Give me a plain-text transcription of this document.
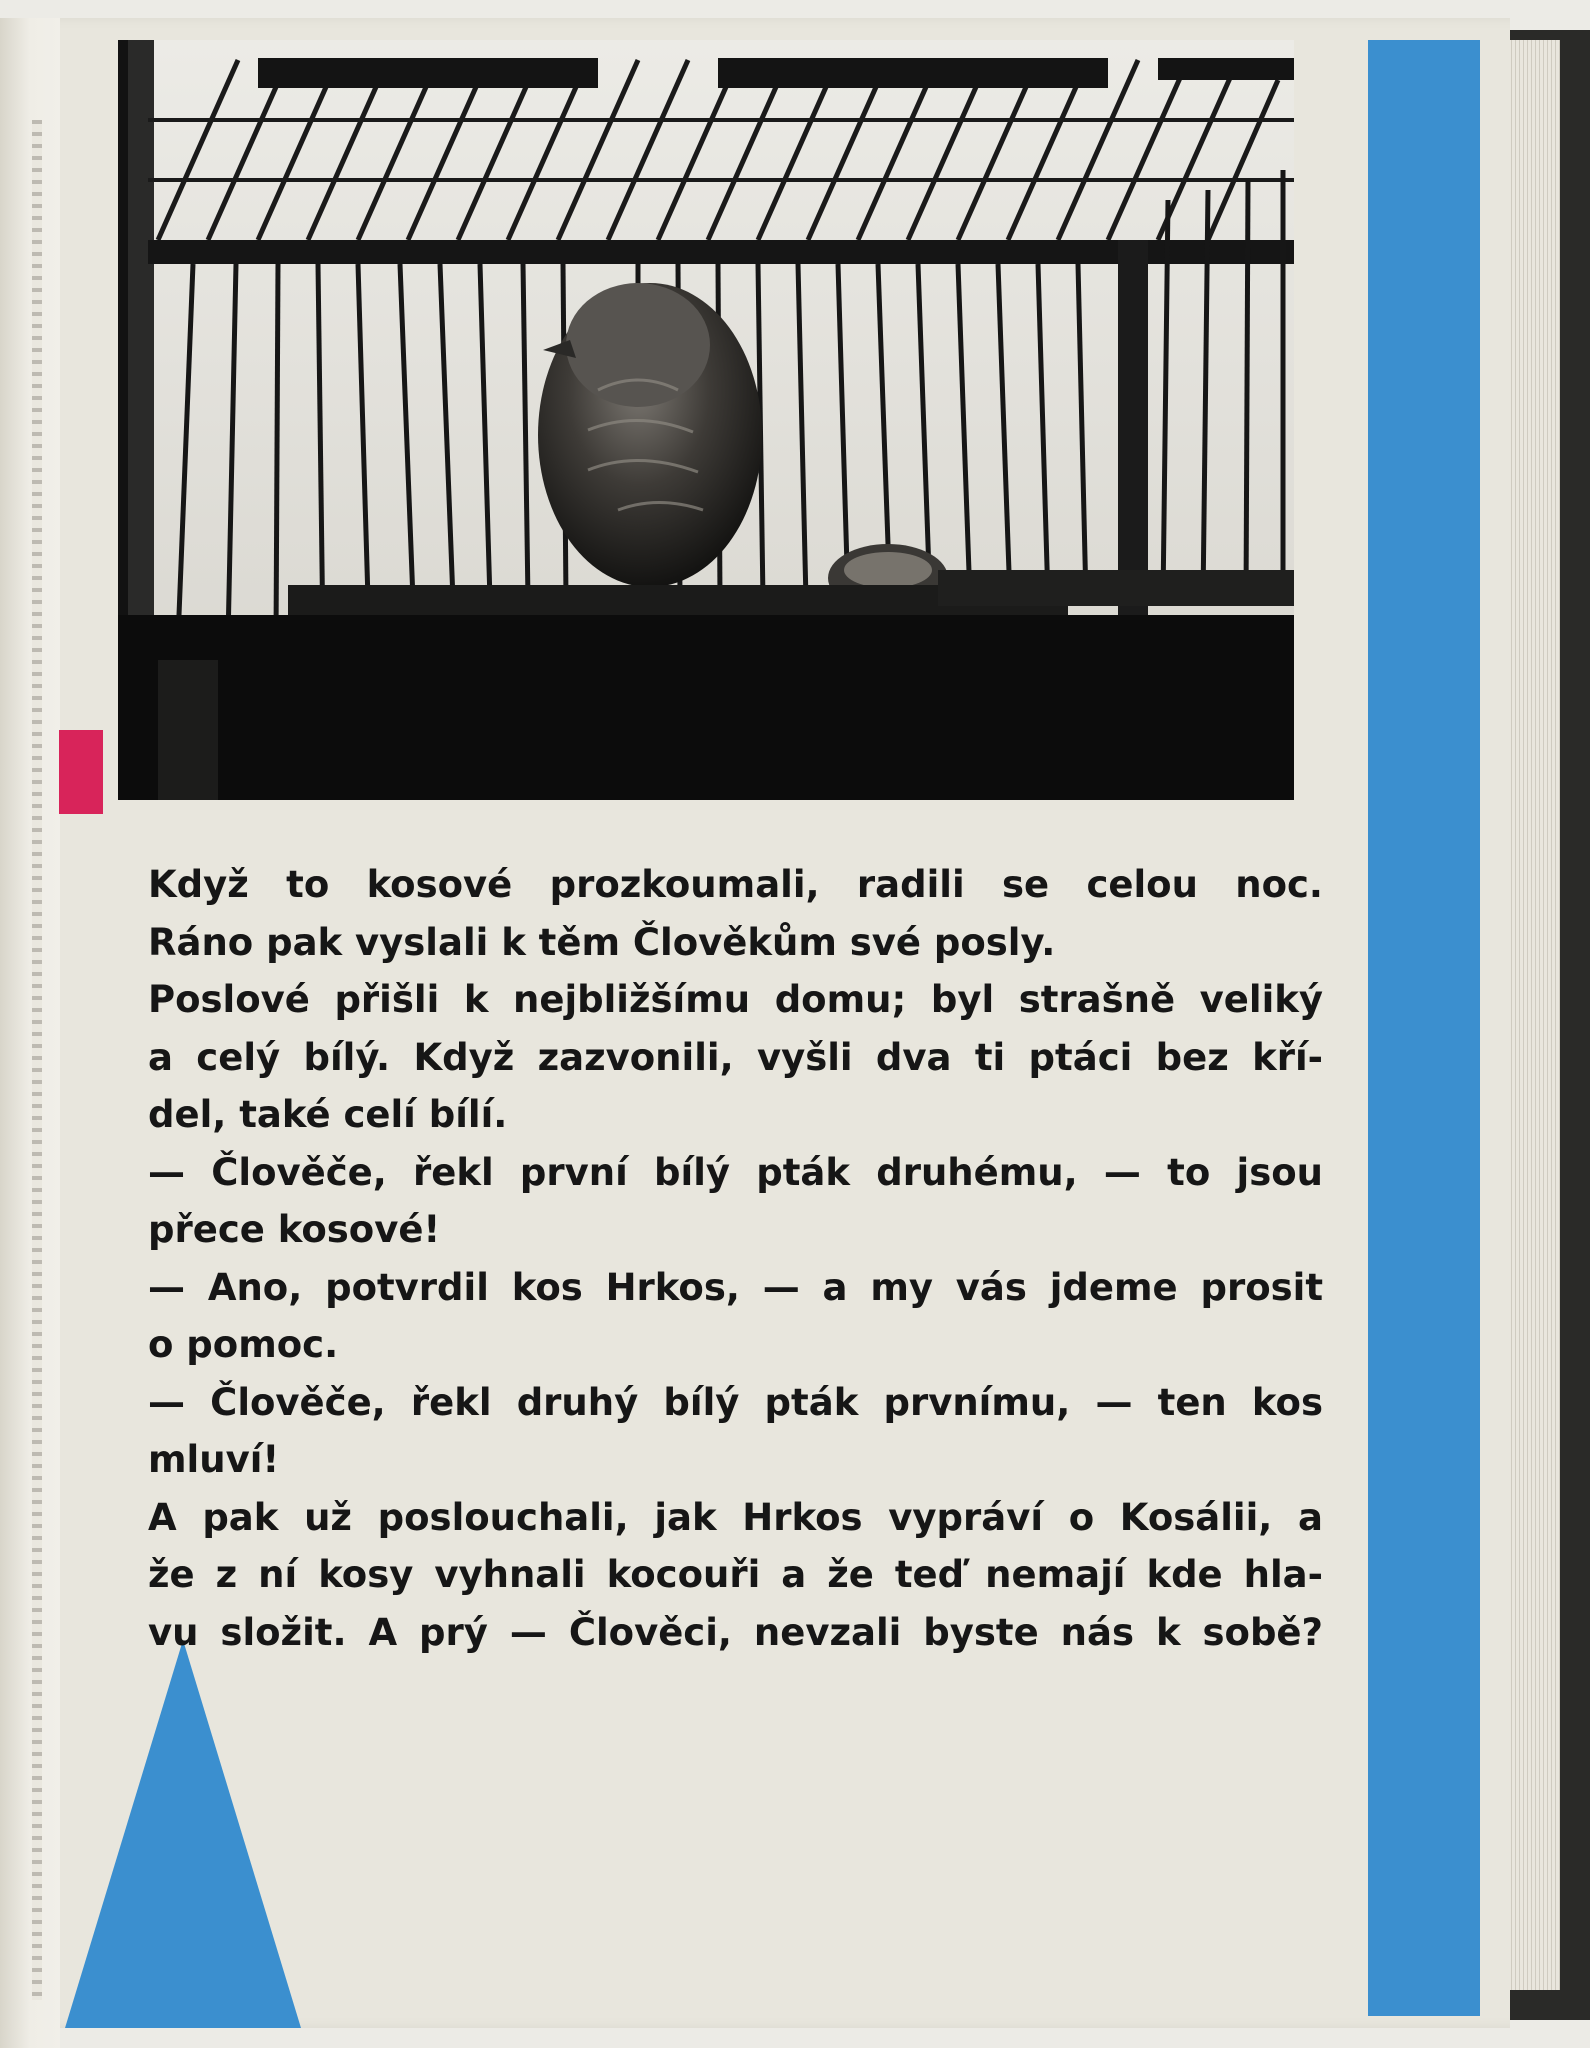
Když to kosové prozkoumali, radili se celou noc.
Ráno pak vyslali k těm Člověkům své posly.
Poslové přišli k nejbližšímu domu; byl strašně veliký
a celý bílý. Když zazvonili, vyšli dva ti ptáci bez kří-
del, také celí bílí.
— Člověče, řekl první bílý pták druhému, — to jsou
přece kosové!
— Ano, potvrdil kos Hrkos, — a my vás jdeme prosit
o pomoc.
— Člověče, řekl druhý bílý pták prvnímu, — ten kos
mluví!
A pak už poslouchali, jak Hrkos vypráví o Kosálii, a
že z ní kosy vyhnali kocouři a že teď nemají kde hla-
vu složit. A prý — Člověci, nevzali byste nás k sobě?
